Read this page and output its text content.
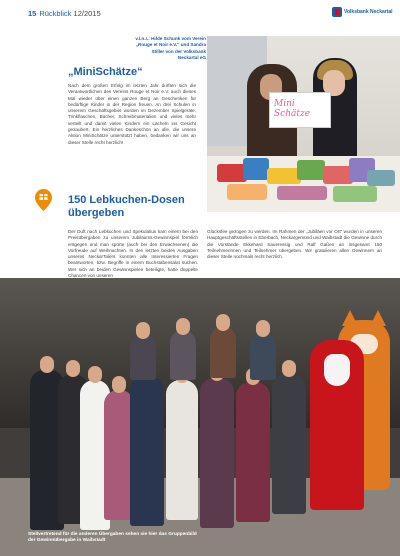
15 Rückblick 12/2015	Volksbank Neckartal
v.l.n.r.: Hilde Schunk vom Verein „Rouge et Noir e.V.“ und Sandra Stiller von der Volksbank Neckartal eG
Mini Schätze
„MiniSchätze“
Nach dem großen Erfolg im letzten Jahr durften sich die Verantwortlichen des Vereins Rouge et Noir e.V. auch dieses Mal wieder über einen ganzen Berg an Geschenken für bedürftige Kinder in der Region freuen. An drei Schulen in unserem Geschäftsgebiet wurden im Dezember Spielgeräte, Trinkflaschen, Bücher, Schreibmaterialien und vieles mehr verteilt und damit vielen Kindern ein Lächeln ins Gesicht gezaubert. Ein herzliches Dankeschön an alle, die unsere Aktion MiniSchätze unterstützt haben, bedanken wir uns an dieser Stelle recht herzlich!
150 Lebkuchen-Dosen übergeben
Der Duft nach Lebkuchen und Spekulatius kam einem bei den Preisübergaben zu unserem Jubiläums-Gewinnspiel förmlich entgegen und man spürte (auch bei den Erwachsenen) die Vorfreude auf Weihnachten. In den letzten beiden Ausgaben unseres NeckarTalers konnten alle Interessierten Fragen beantworten, bzw. Begriffe in einem Buchstabensalat suchen. Wer sich an beiden Gewinnspielen beteiligte, hatte doppelte Chancen von unseren
Glücksfee gezogen zu werden. Im Rahmen der „Jubiläen vor Ort“ wurden in unseren Hauptgeschäftsstellen in Eberbach, Neckargemünd und Waibstadt die Gewinne durch die Vorstände Ekkehard Saueressig und Ralf Gaßen an insgesamt 150 Teilnehmerinnen und Teilnehmer übergeben. Wir gratulieren allen Gewinnern an dieser Stelle nochmals recht herzlich.
Stellvertretend für die anderen Übergaben sehen sie hier das Gruppenbild der Gewinnübergabe in Waibstadt
